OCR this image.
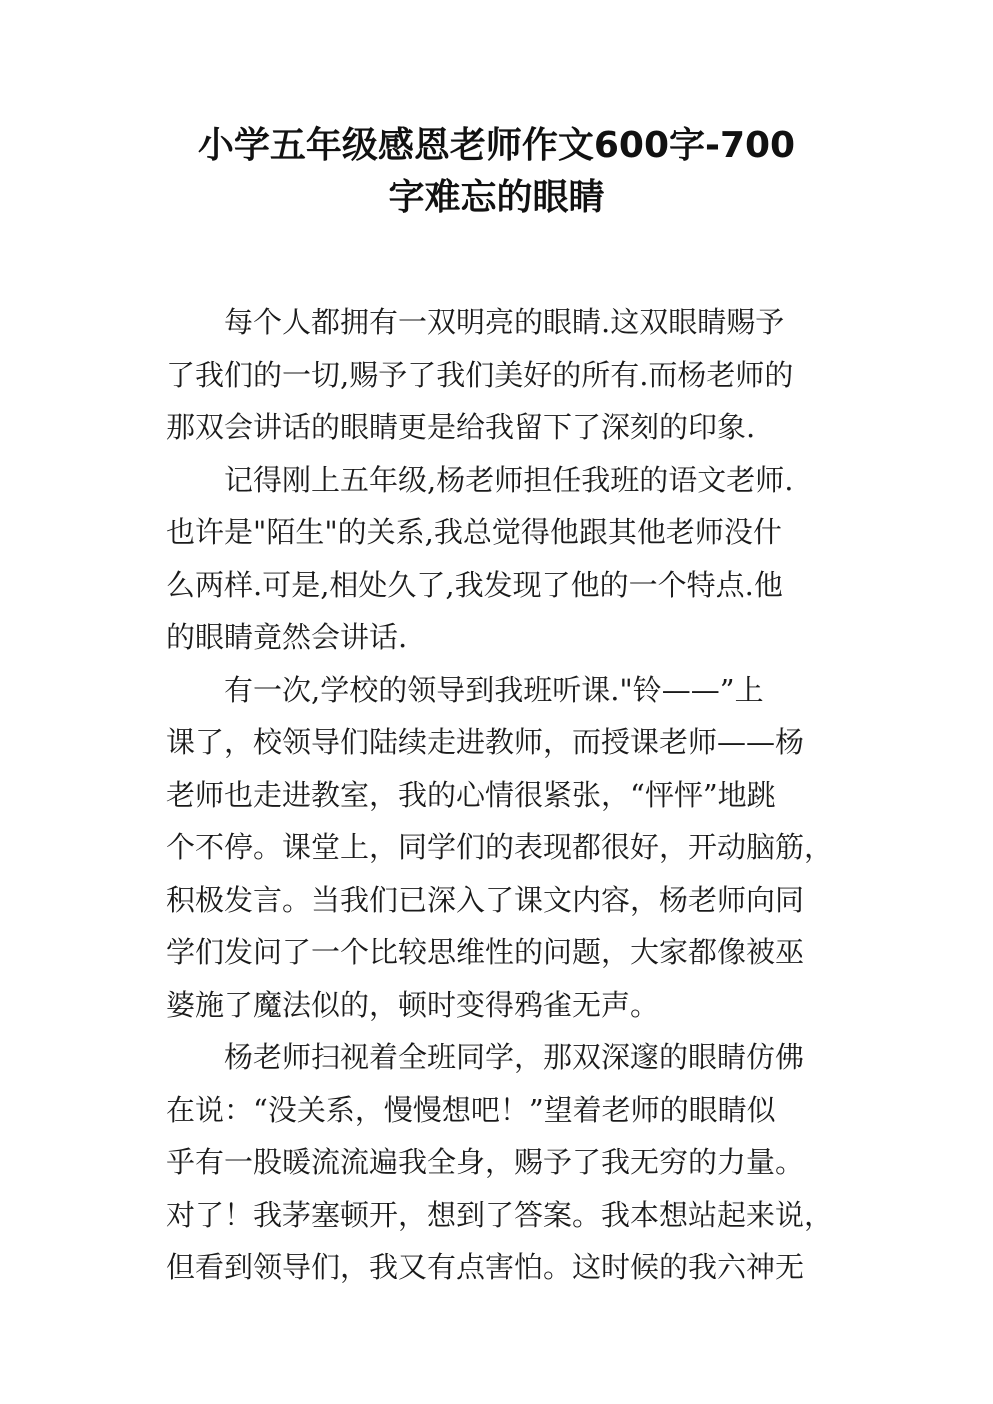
小学五年级感恩老师作文600字-700
字难忘的眼睛
每个人都拥有一双明亮的眼睛.这双眼睛赐予
了我们的一切,赐予了我们美好的所有.而杨老师的
那双会讲话的眼睛更是给我留下了深刻的印象.
记得刚上五年级,杨老师担任我班的语文老师.
也许是"陌生"的关系,我总觉得他跟其他老师没什
么两样.可是,相处久了,我发现了他的一个特点.他
的眼睛竟然会讲话.
有一次,学校的领导到我班听课."铃——”上
课了，校领导们陆续走进教师，而授课老师——杨
老师也走进教室，我的心情很紧张，“怦怦”地跳
个不停。课堂上，同学们的表现都很好，开动脑筋，
积极发言。当我们已深入了课文内容，杨老师向同
学们发问了一个比较思维性的问题，大家都像被巫
婆施了魔法似的，顿时变得鸦雀无声。
杨老师扫视着全班同学，那双深邃的眼睛仿佛
在说：“没关系，慢慢想吧！”望着老师的眼睛似
乎有一股暖流流遍我全身，赐予了我无穷的力量。
对了！我茅塞顿开，想到了答案。我本想站起来说，
但看到领导们，我又有点害怕。这时候的我六神无
